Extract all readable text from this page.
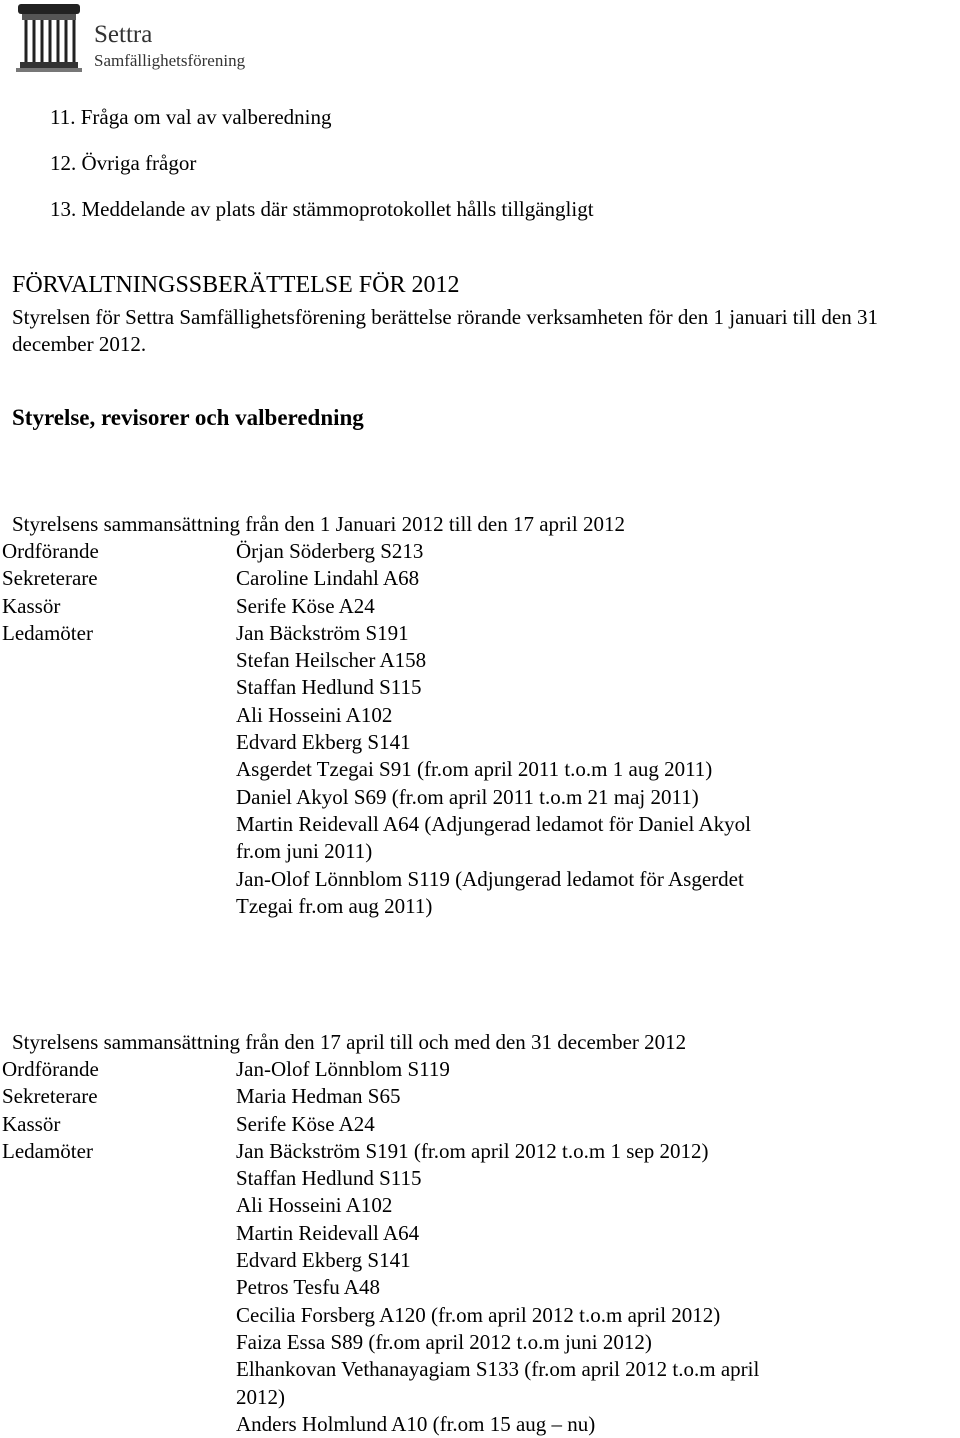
Settra
Samfällighetsförening
11. Fråga om val av valberedning
12. Övriga frågor
13. Meddelande av plats där stämmoprotokollet hålls tillgängligt
FÖRVALTNINGSSBERÄTTELSE FÖR 2012
Styrelsen för Settra Samfällighetsförening berättelse rörande verksamheten för den 1 januari till den 31 december 2012.
Styrelse, revisorer och valberedning
Styrelsens sammansättning från den 1 Januari 2012 till den 17 april 2012
Ordförande	Örjan Söderberg S213
Sekreterare	Caroline Lindahl A68
Kassör	Serife Köse A24
Ledamöter	Jan Bäckström S191
Stefan Heilscher A158
Staffan Hedlund S115
Ali Hosseini A102
Edvard Ekberg S141
Asgerdet Tzegai S91 (fr.om april 2011 t.o.m 1 aug 2011)
Daniel Akyol S69 (fr.om april 2011 t.o.m 21 maj 2011)
Martin Reidevall A64 (Adjungerad ledamot för Daniel Akyol fr.om juni 2011)
Jan-Olof Lönnblom S119 (Adjungerad ledamot för Asgerdet Tzegai fr.om aug 2011)
Styrelsens sammansättning från den 17 april till och med den 31 december 2012
Ordförande	Jan-Olof Lönnblom S119
Sekreterare	Maria Hedman S65
Kassör	Serife Köse A24
Ledamöter	Jan Bäckström S191 (fr.om april 2012 t.o.m 1 sep 2012)
Staffan Hedlund S115
Ali Hosseini A102
Martin Reidevall A64
Edvard Ekberg S141
Petros Tesfu A48
Cecilia Forsberg A120 (fr.om april 2012 t.o.m april 2012)
Faiza Essa S89 (fr.om april 2012 t.o.m juni 2012)
Elhankovan Vethanayagiam S133 (fr.om april 2012 t.o.m april 2012)
Anders Holmlund A10 (fr.om 15 aug – nu)
